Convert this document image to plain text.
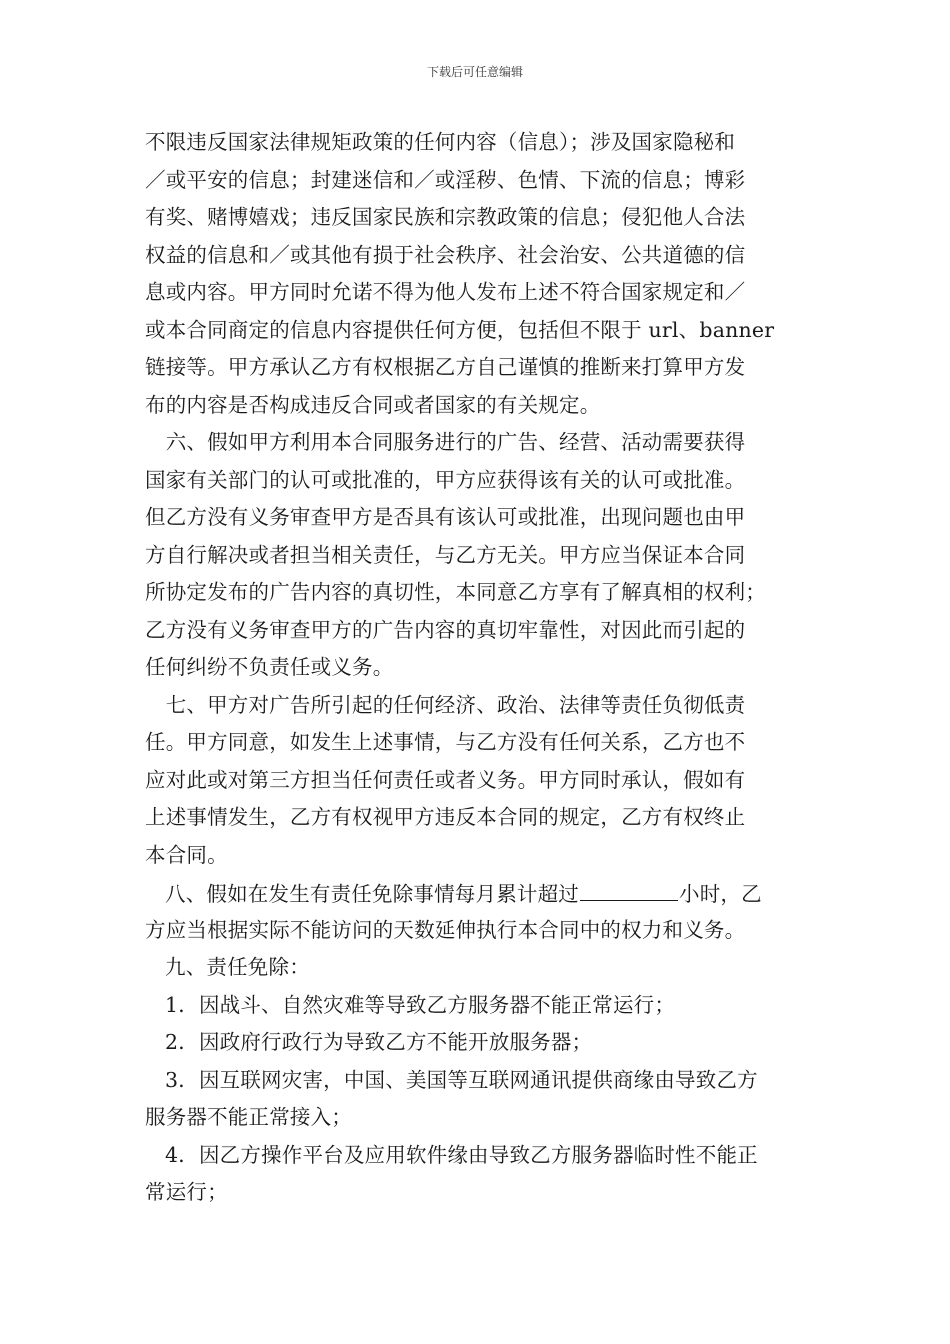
下载后可任意编辑
不限违反国家法律规矩政策的任何内容（信息）；涉及国家隐秘和
／或平安的信息；封建迷信和／或淫秽、色情、下流的信息；博彩
有奖、赌博嬉戏；违反国家民族和宗教政策的信息；侵犯他人合法
权益的信息和／或其他有损于社会秩序、社会治安、公共道德的信
息或内容。甲方同时允诺不得为他人发布上述不符合国家规定和／
或本合同商定的信息内容提供任何方便，包括但不限于 url、banner
链接等。甲方承认乙方有权根据乙方自己谨慎的推断来打算甲方发
布的内容是否构成违反合同或者国家的有关规定。
　六、假如甲方利用本合同服务进行的广告、经营、活动需要获得
国家有关部门的认可或批准的，甲方应获得该有关的认可或批准。
但乙方没有义务审查甲方是否具有该认可或批准，出现问题也由甲
方自行解决或者担当相关责任，与乙方无关。甲方应当保证本合同
所协定发布的广告内容的真切性，本同意乙方享有了解真相的权利；
乙方没有义务审查甲方的广告内容的真切牢靠性，对因此而引起的
任何纠纷不负责任或义务。
　七、甲方对广告所引起的任何经济、政治、法律等责任负彻低责
任。甲方同意，如发生上述事情，与乙方没有任何关系，乙方也不
应对此或对第三方担当任何责任或者义务。甲方同时承认，假如有
上述事情发生，乙方有权视甲方违反本合同的规定，乙方有权终止
本合同。
八、假如在发生有责任免除事情每月累计超过	小时，乙
方应当根据实际不能访问的天数延伸执行本合同中的权力和义务。
九、责任免除：
1．因战斗、自然灾难等导致乙方服务器不能正常运行；
2．因政府行政行为导致乙方不能开放服务器；
3．因互联网灾害，中国、美国等互联网通讯提供商缘由导致乙方
服务器不能正常接入；
4．因乙方操作平台及应用软件缘由导致乙方服务器临时性不能正
常运行；
